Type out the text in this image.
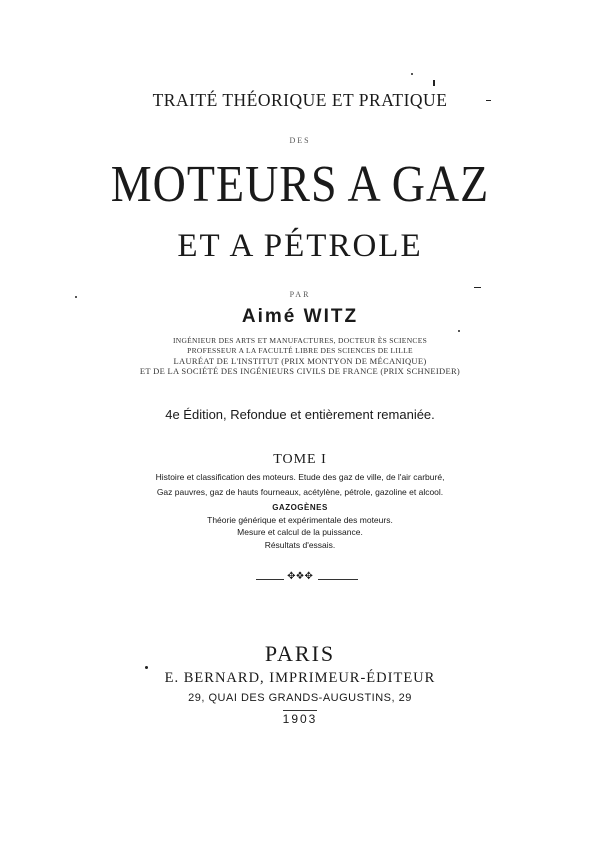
TRAITÉ THÉORIQUE ET PRATIQUE
DES
MOTEURS A GAZ
ET A PÉTROLE
PAR
Aimé WITZ
INGÉNIEUR DES ARTS ET MANUFACTURES, DOCTEUR ÈS SCIENCES
PROFESSEUR A LA FACULTÉ LIBRE DES SCIENCES DE LILLE
LAURÉAT DE L'INSTITUT (PRIX MONTYON DE MÉCANIQUE)
ET DE LA SOCIÉTÉ DES INGÉNIEURS CIVILS DE FRANCE (PRIX SCHNEIDER)
4e Édition, Refondue et entièrement remaniée.
TOME I
Histoire et classification des moteurs. Etude des gaz de ville, de l'air carburé,
Gaz pauvres, gaz de hauts fourneaux, acétylène, pétrole, gazoline et alcool.
GAZOGÈNES
Théorie générique et expérimentale des moteurs.
Mesure et calcul de la puissance.
Résultats d'essais.
✥❖✥
PARIS
E. BERNARD, IMPRIMEUR-ÉDITEUR
29, QUAI DES GRANDS-AUGUSTINS, 29
1903
